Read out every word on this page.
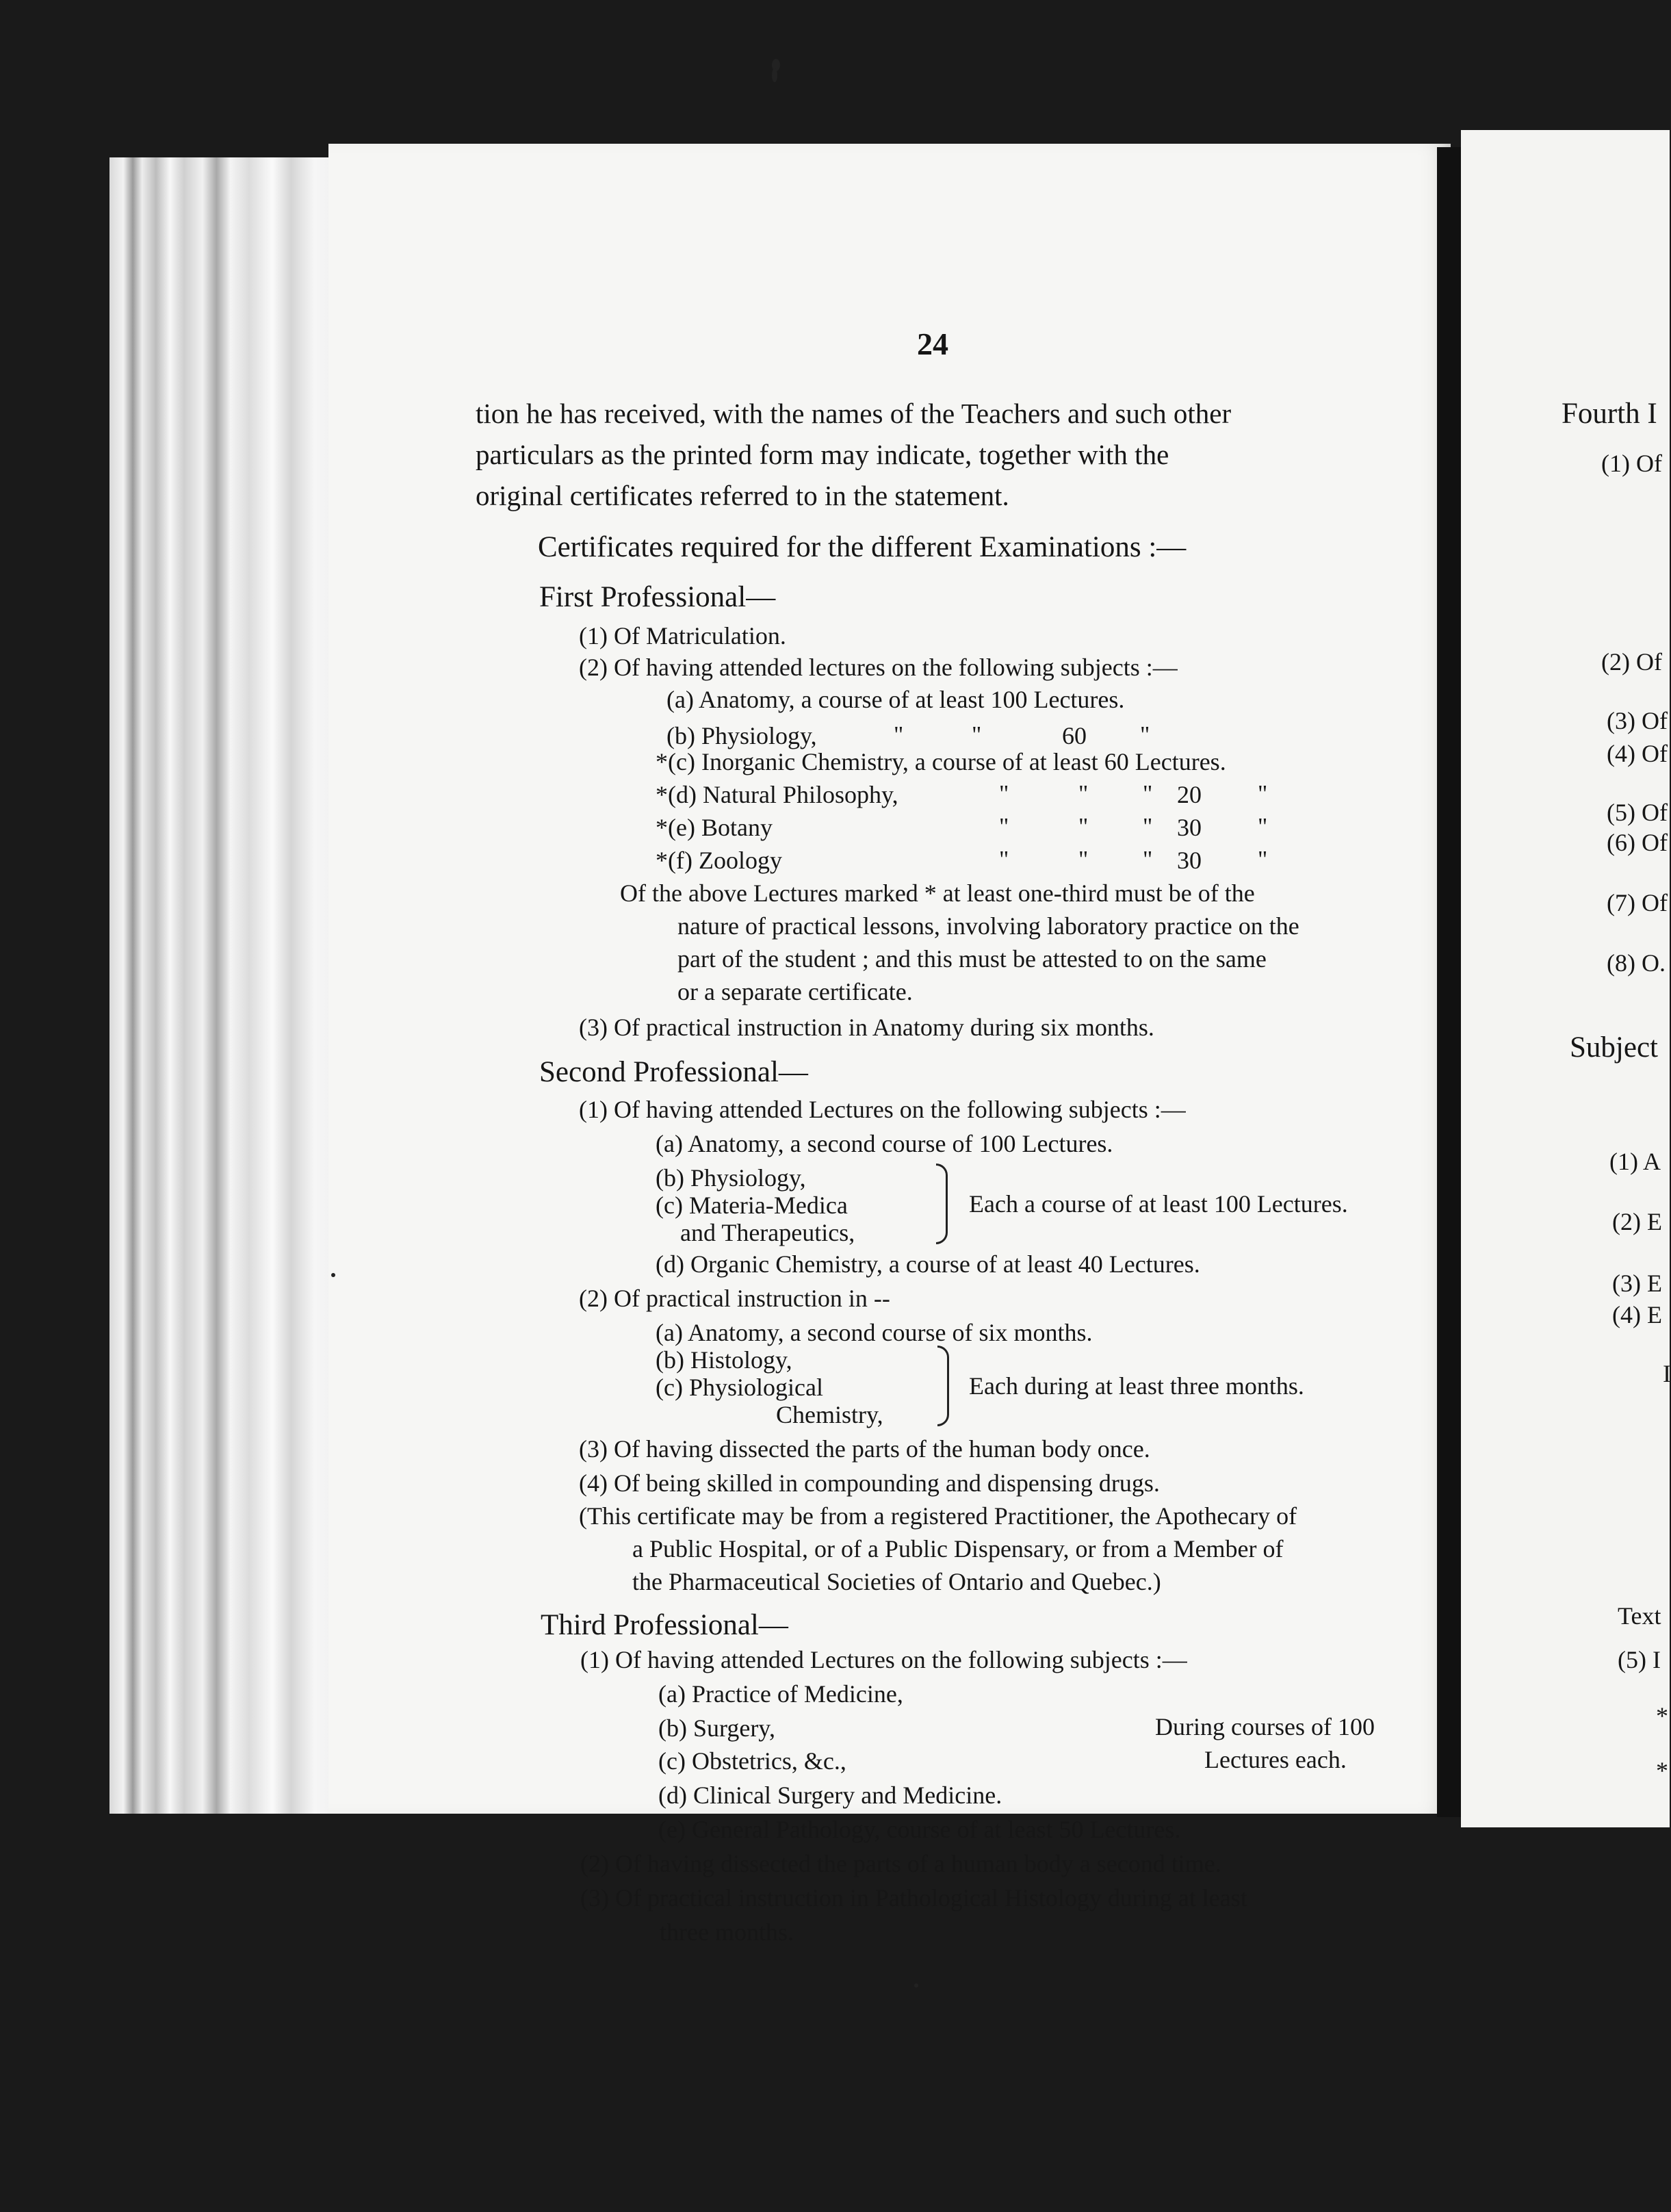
24
tion he has received, with the names of the Teachers and such other
particulars as the printed form may indicate, together with the
original certificates referred to in the statement.
Certificates required for the different Examinations :—
First Professional—
(1) Of Matriculation.
(2) Of having attended lectures on the following subjects :—
(a) Anatomy, a course of at least 100 Lectures.
(b) Physiology,	"	"	60 "
*(c) Inorganic Chemistry, a course of at least 60 Lectures.
*(d) Natural Philosophy,	"	" " 20 "
*(e) Botany	"	" " 30 "
*(f) Zoology	"	" " 30 "
Of the above Lectures marked * at least one-third must be of the
nature of practical lessons, involving laboratory practice on the
part of the student ; and this must be attested to on the same
or a separate certificate.
(3) Of practical instruction in Anatomy during six months.
Second Professional—
(1) Of having attended Lectures on the following subjects :—
(a) Anatomy, a second course of 100 Lectures.
(b) Physiology,
(c) Materia-Medica
and Therapeutics,
Each a course of at least 100 Lectures.
(d) Organic Chemistry, a course of at least 40 Lectures.
(2) Of practical instruction in --
(a) Anatomy, a second course of six months.
(b) Histology,
(c) Physiological
Chemistry,
Each during at least three months.
(3) Of having dissected the parts of the human body once.
(4) Of being skilled in compounding and dispensing drugs.
(This certificate may be from a registered Practitioner, the Apothecary of
a Public Hospital, or of a Public Dispensary, or from a Member of
the Pharmaceutical Societies of Ontario and Quebec.)
Third Professional—
(1) Of having attended Lectures on the following subjects :—
(a) Practice of Medicine,
(b) Surgery,	During courses of 100
(c) Obstetrics, &c.,	Lectures each.
(d) Clinical Surgery and Medicine.
(e) General Pathology, course of at least 50 Lectures.
(2) Of having dissected the parts of a human body a second time.
(3) Of practical instruction in Pathological Histology during at least
three months.
Fourth I
(1) Of
(2) Of
(3) Of
(4) Of
(5) Of
(6) Of
(7) Of
(8) O.
Subject
(1) A
(2) E
(3) E
(4) E
I
Text
(5) I
*
*
